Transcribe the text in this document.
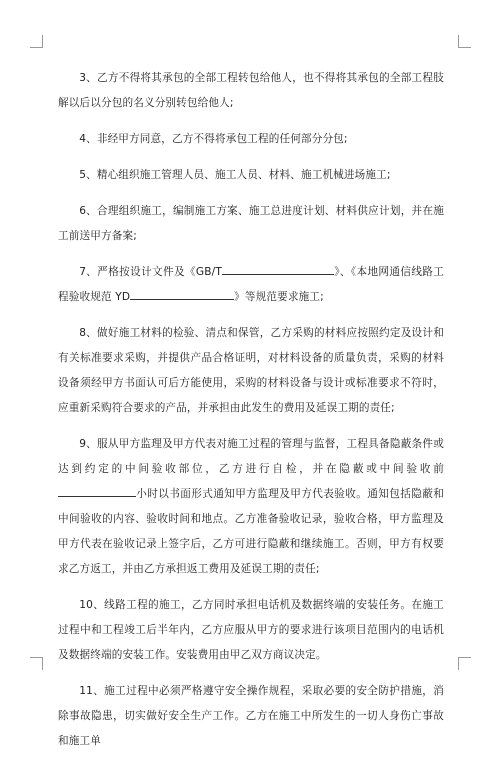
3、乙方不得将其承包的全部工程转包给他人，也不得将其承包的全部工程肢解以后以分包的名义分别转包给他人;

4、非经甲方同意，乙方不得将承包工程的任何部分分包;

5、精心组织施工管理人员、施工人员、材料、施工机械进场施工;

6、合理组织施工，编制施工方案、施工总进度计划、材料供应计划，并在施工前送甲方备案;

7、严格按设计文件及《GB/T	》、《本地网通信线路工程验收规范 YD	》等规范要求施工;

8、做好施工材料的检验、清点和保管，乙方采购的材料应按照约定及设计和有关标准要求采购，并提供产品合格证明，对材料设备的质量负责，采购的材料设备须经甲方书面认可后方能使用，采购的材料设备与设计或标准要求不符时，应重新采购符合要求的产品，并承担由此发生的费用及延误工期的责任;

9、服从甲方监理及甲方代表对施工过程的管理与监督，工程具备隐蔽条件或达到约定的中间验收部位，乙方进行自检，并在隐蔽或中间验收前小时以书面形式通知甲方监理及甲方代表验收。通知包括隐蔽和中间验收的内容、验收时间和地点。乙方准备验收记录，验收合格，甲方监理及甲方代表在验收记录上签字后，乙方可进行隐蔽和继续施工。否则，甲方有权要求乙方返工，并由乙方承担返工费用及延误工期的责任;

10、线路工程的施工，乙方同时承担电话机及数据终端的安装任务。在施工过程中和工程竣工后半年内，乙方应服从甲方的要求进行该项目范围内的电话机及数据终端的安装工作。安装费用由甲乙双方商议决定。

11、施工过程中必须严格遵守安全操作规程，采取必要的安全防护措施，消除事故隐患，切实做好安全生产工作。乙方在施工中所发生的一切人身伤亡事故和施工单
